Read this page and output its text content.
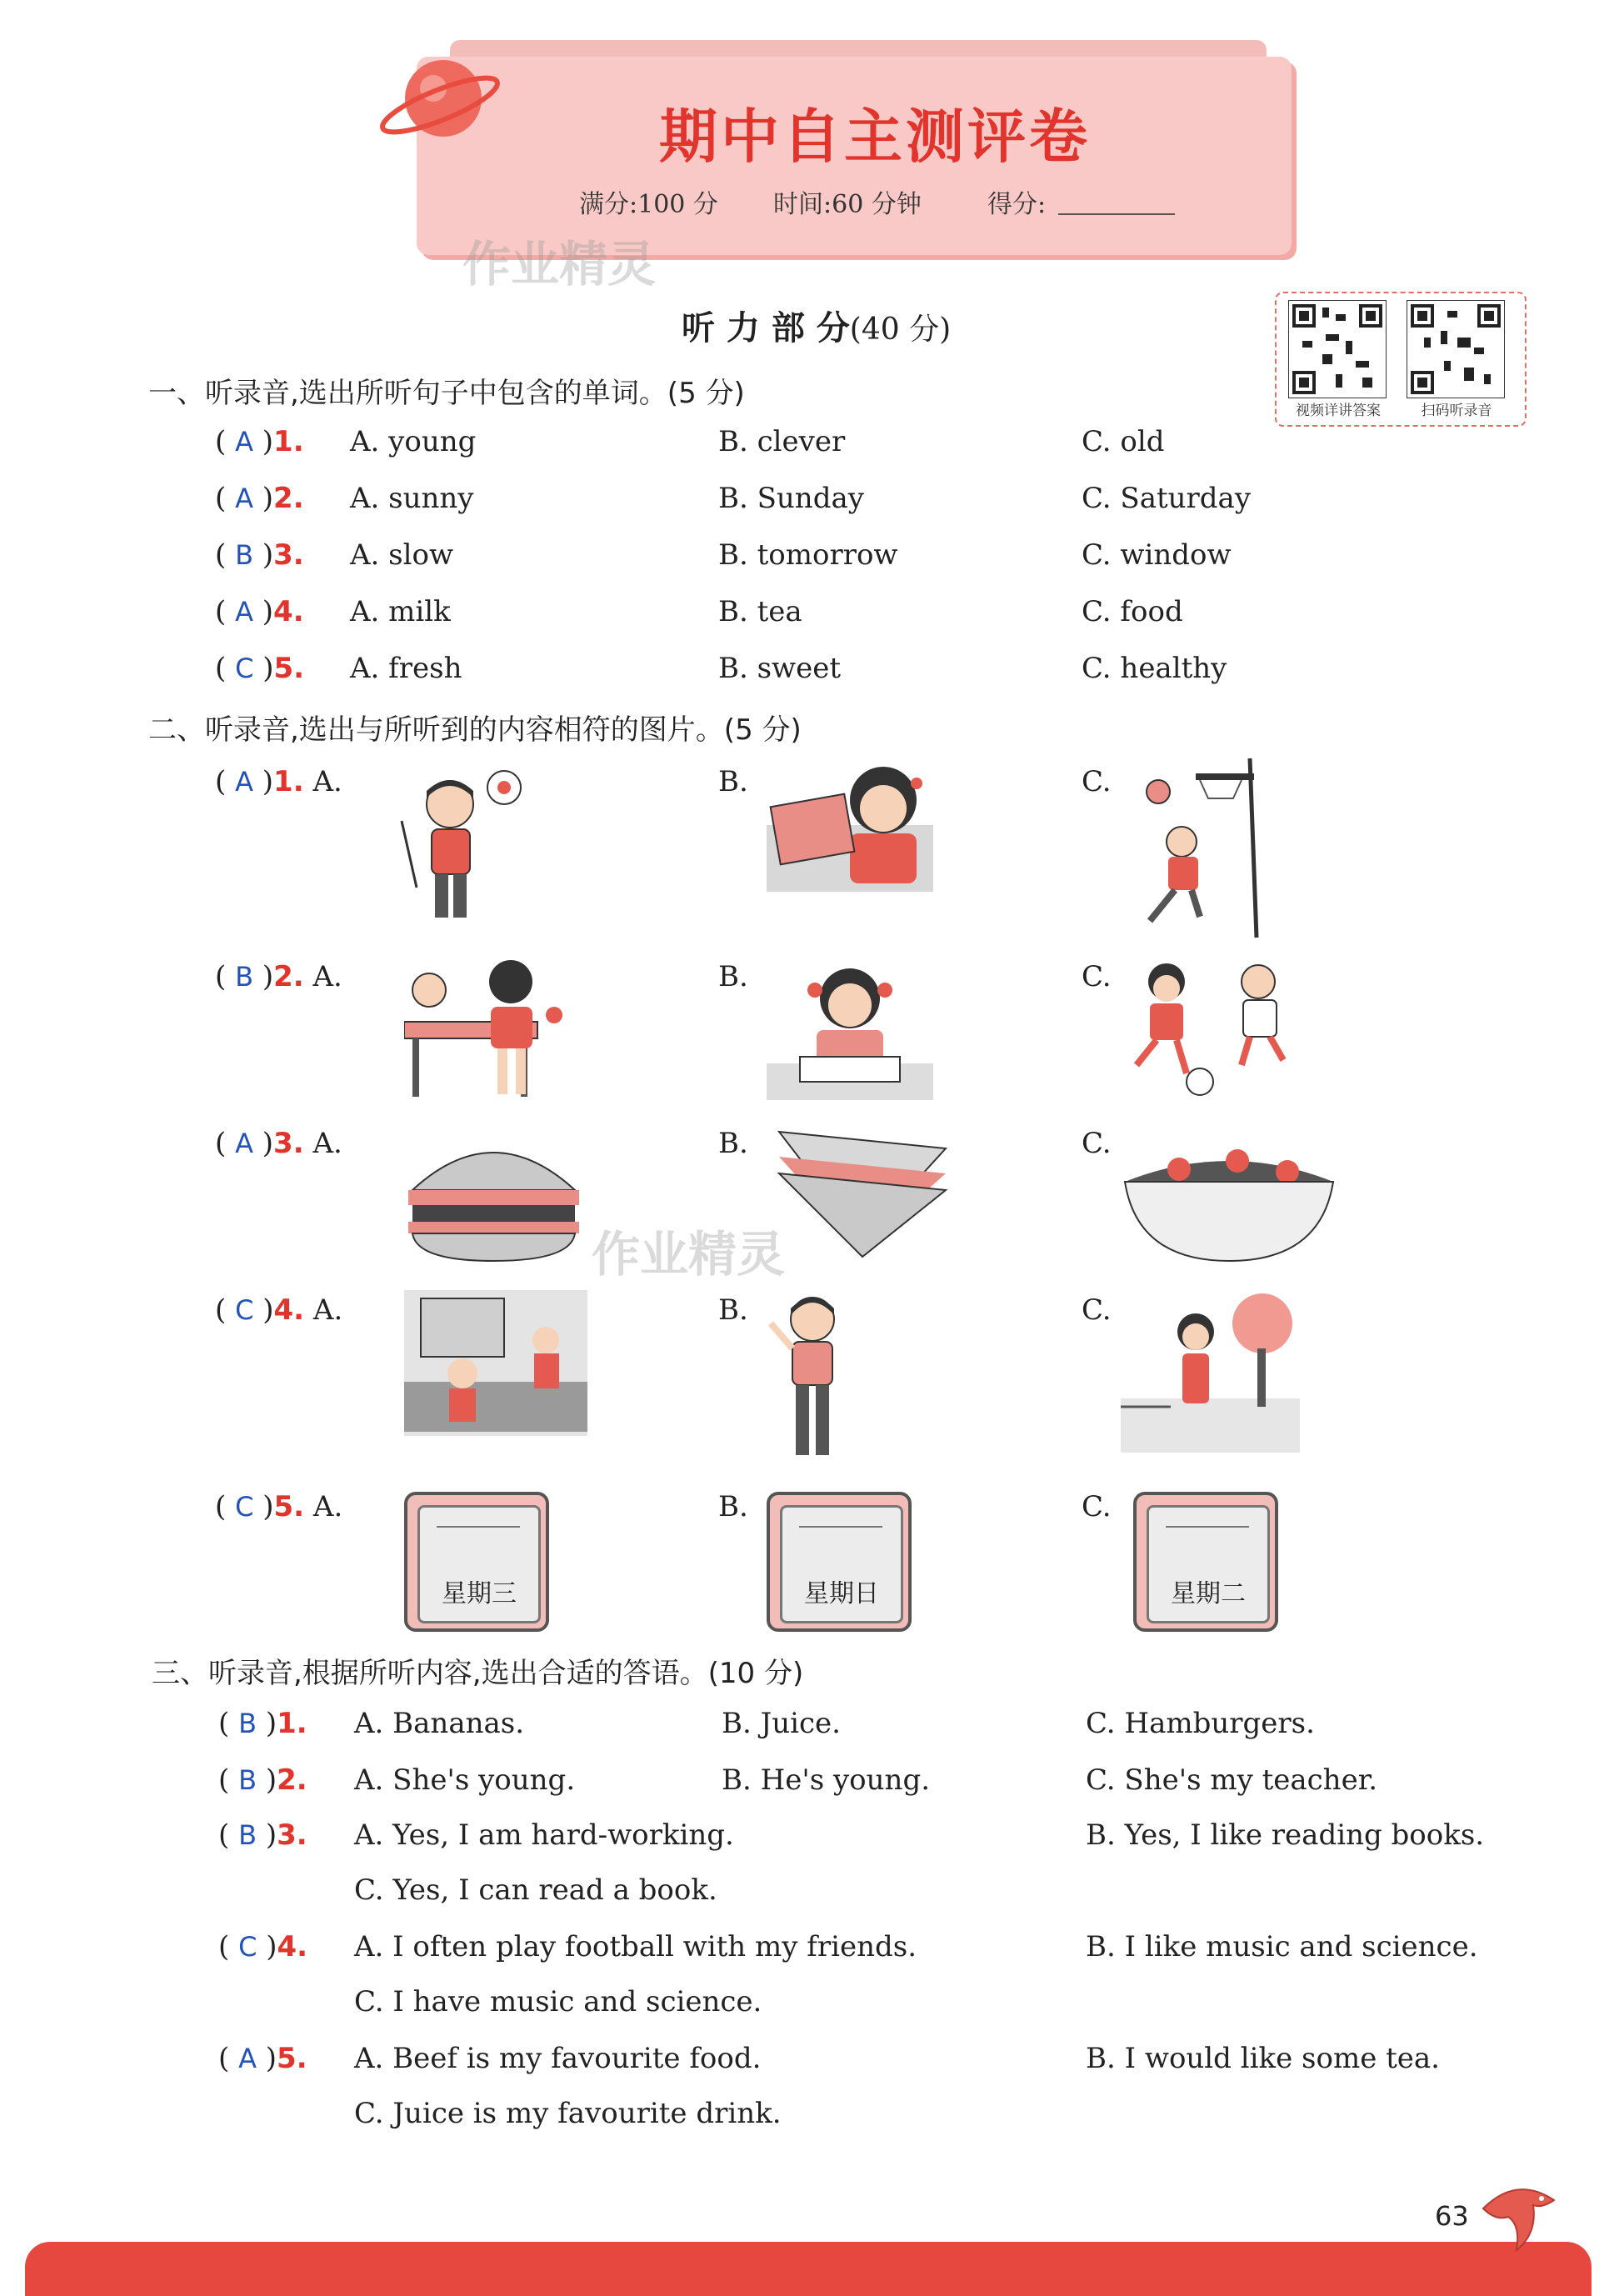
期中自主测评卷
满分:100 分 时间:60 分钟	得分:
作业精灵
听 力 部 分(40 分)
视频详讲答案	扫码听录音
一、听录音,选出所听句子中包含的单词。(5 分)
( A )1. A. young	B. clever	C. old
( A )2. A. sunny	B. Sunday	C. Saturday
( B )3. A. slow	B. tomorrow	C. window
( A )4. A. milk	B. tea	C. food
( C )5. A. fresh	B. sweet	C. healthy
二、听录音,选出与所听到的内容相符的图片。(5 分)
( A )1. A.	B.	C.
( B )2. A.	B.	C.
( A )3. A.	B.	C.
作业精灵
( C )4. A.	B.	C.
( C )5. A.	B.	C.
星期三	星期日	星期二
三、听录音,根据所听内容,选出合适的答语。(10 分)
( B )1. A. Bananas.	B. Juice.	C. Hamburgers.
( B )2. A. She's young.	B. He's young.	C. She's my teacher.
( B )3. A. Yes, I am hard-working.	B. Yes, I like reading books.
C. Yes, I can read a book.
( C )4. A. I often play football with my friends.	B. I like music and science.
C. I have music and science.
( A )5. A. Beef is my favourite food.	B. I would like some tea.
C. Juice is my favourite drink.
63
